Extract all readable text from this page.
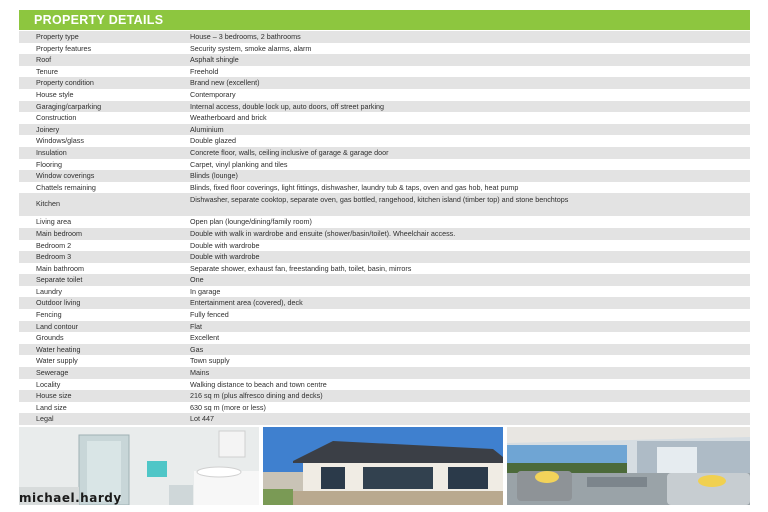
PROPERTY DETAILS
Property type	House – 3 bedrooms, 2 bathrooms
Property features	Security system, smoke alarms, alarm
Roof	Asphalt shingle
Tenure	Freehold
Property condition	Brand new (excellent)
House style	Contemporary
Garaging/carparking	Internal access, double lock up, auto doors, off street parking
Construction	Weatherboard and brick
Joinery	Aluminium
Windows/glass	Double glazed
Insulation	Concrete floor, walls, ceiling inclusive of garage & garage door
Flooring	Carpet, vinyl planking and tiles
Window coverings	Blinds (lounge)
Chattels remaining	Blinds, fixed floor coverings, light fittings, dishwasher, laundry tub & taps, oven and gas hob, heat pump
Kitchen	Dishwasher, separate cooktop, separate oven, gas bottled, rangehood, kitchen island (timber top) and stone benchtops
Living area	Open plan (lounge/dining/family room)
Main bedroom	Double with walk in wardrobe and ensuite (shower/basin/toilet). Wheelchair access.
Bedroom 2	Double with wardrobe
Bedroom 3	Double with wardrobe
Main bathroom	Separate shower, exhaust fan, freestanding bath, toilet, basin, mirrors
Separate toilet	One
Laundry	In garage
Outdoor living	Entertainment area (covered), deck
Fencing	Fully fenced
Land contour	Flat
Grounds	Excellent
Water heating	Gas
Water supply	Town supply
Sewerage	Mains
Locality	Walking distance to beach and town centre
House size	216 sq m (plus alfresco dining and decks)
Land size	630 sq m (more or less)
Legal	Lot 447
michael.hardy
